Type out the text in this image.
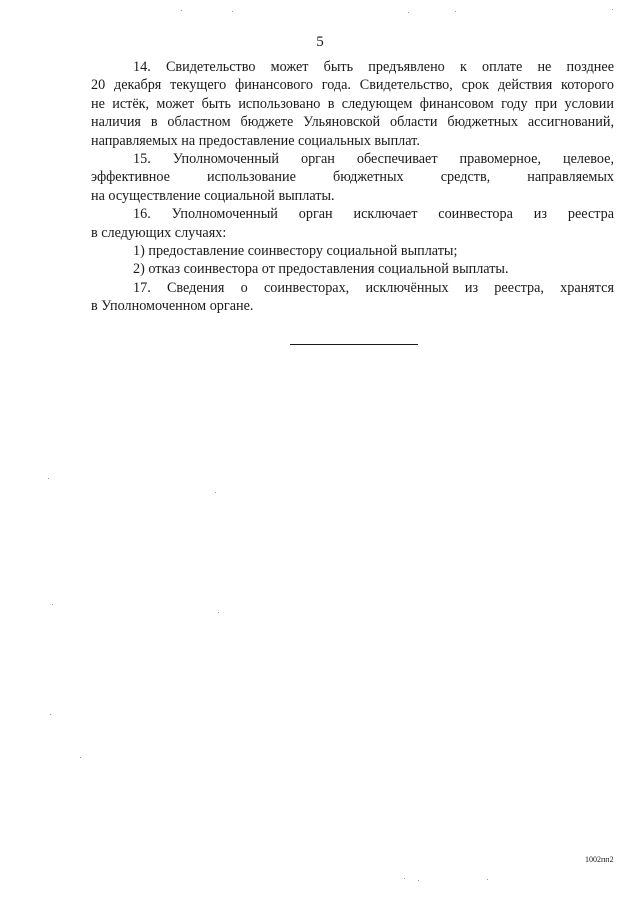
5
14. Свидетельство может быть предъявлено к оплате не позднее
20 декабря текущего финансового года. Свидетельство, срок действия которого
не истёк, может быть использовано в следующем финансовом году при условии
наличия в областном бюджете Ульяновской области бюджетных ассигнований,
направляемых на предоставление социальных выплат.
15. Уполномоченный орган обеспечивает правомерное, целевое,
эффективное использование бюджетных средств, направляемых
на осуществление социальной выплаты.
16. Уполномоченный орган исключает соинвестора из реестра
в следующих случаях:
1) предоставление соинвестору социальной выплаты;
2) отказ соинвестора от предоставления социальной выплаты.
17. Сведения о соинвесторах, исключённых из реестра, хранятся
в Уполномоченном органе.
1002пп2
